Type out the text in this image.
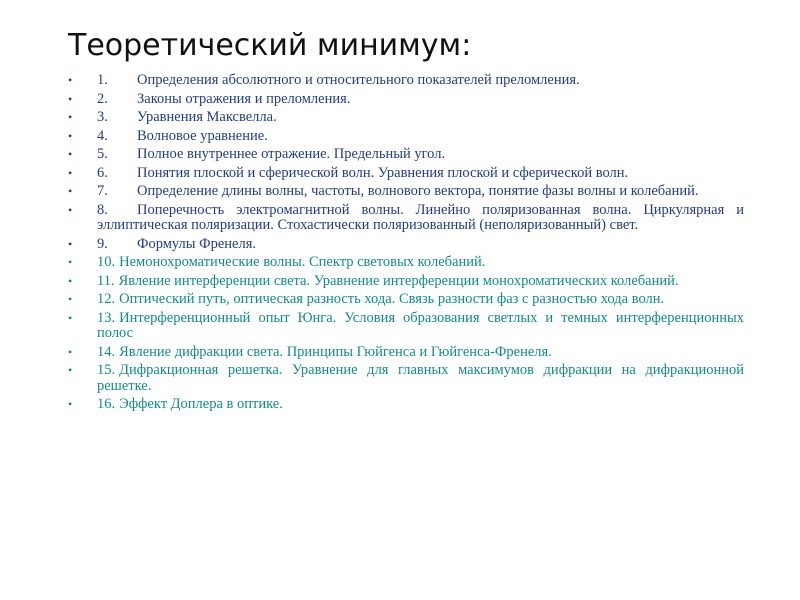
Теоретический минимум:
• 1. Определения абсолютного и относительного показателей преломления.
• 2. Законы отражения и преломления.
• 3. Уравнения Максвелла.
• 4. Волновое уравнение.
• 5. Полное внутреннее отражение. Предельный угол.
• 6. Понятия плоской и сферической волн. Уравнения плоской и сферической волн.
• 7. Определение длины волны, частоты, волнового вектора, понятие фазы волны и колебаний.
• 8. Поперечность электромагнитной волны. Линейно поляризованная волна. Циркулярная и эллиптическая поляризации. Стохастически поляризованный (неполяризованный) свет.
• 9. Формулы Френеля.
• 10. Немонохроматические волны. Спектр световых колебаний.
• 11. Явление интерференции света. Уравнение интерференции монохроматических колебаний.
• 12. Оптический путь, оптическая разность хода. Связь разности фаз с разностью хода волн.
• 13. Интерференционный опыт Юнга. Условия образования светлых и темных интерференционных полос
• 14. Явление дифракции света. Принципы Гюйгенса и Гюйгенса-Френеля.
• 15. Дифракционная решетка. Уравнение для главных максимумов дифракции на дифракционной решетке.
• 16. Эффект Доплера в оптике.
